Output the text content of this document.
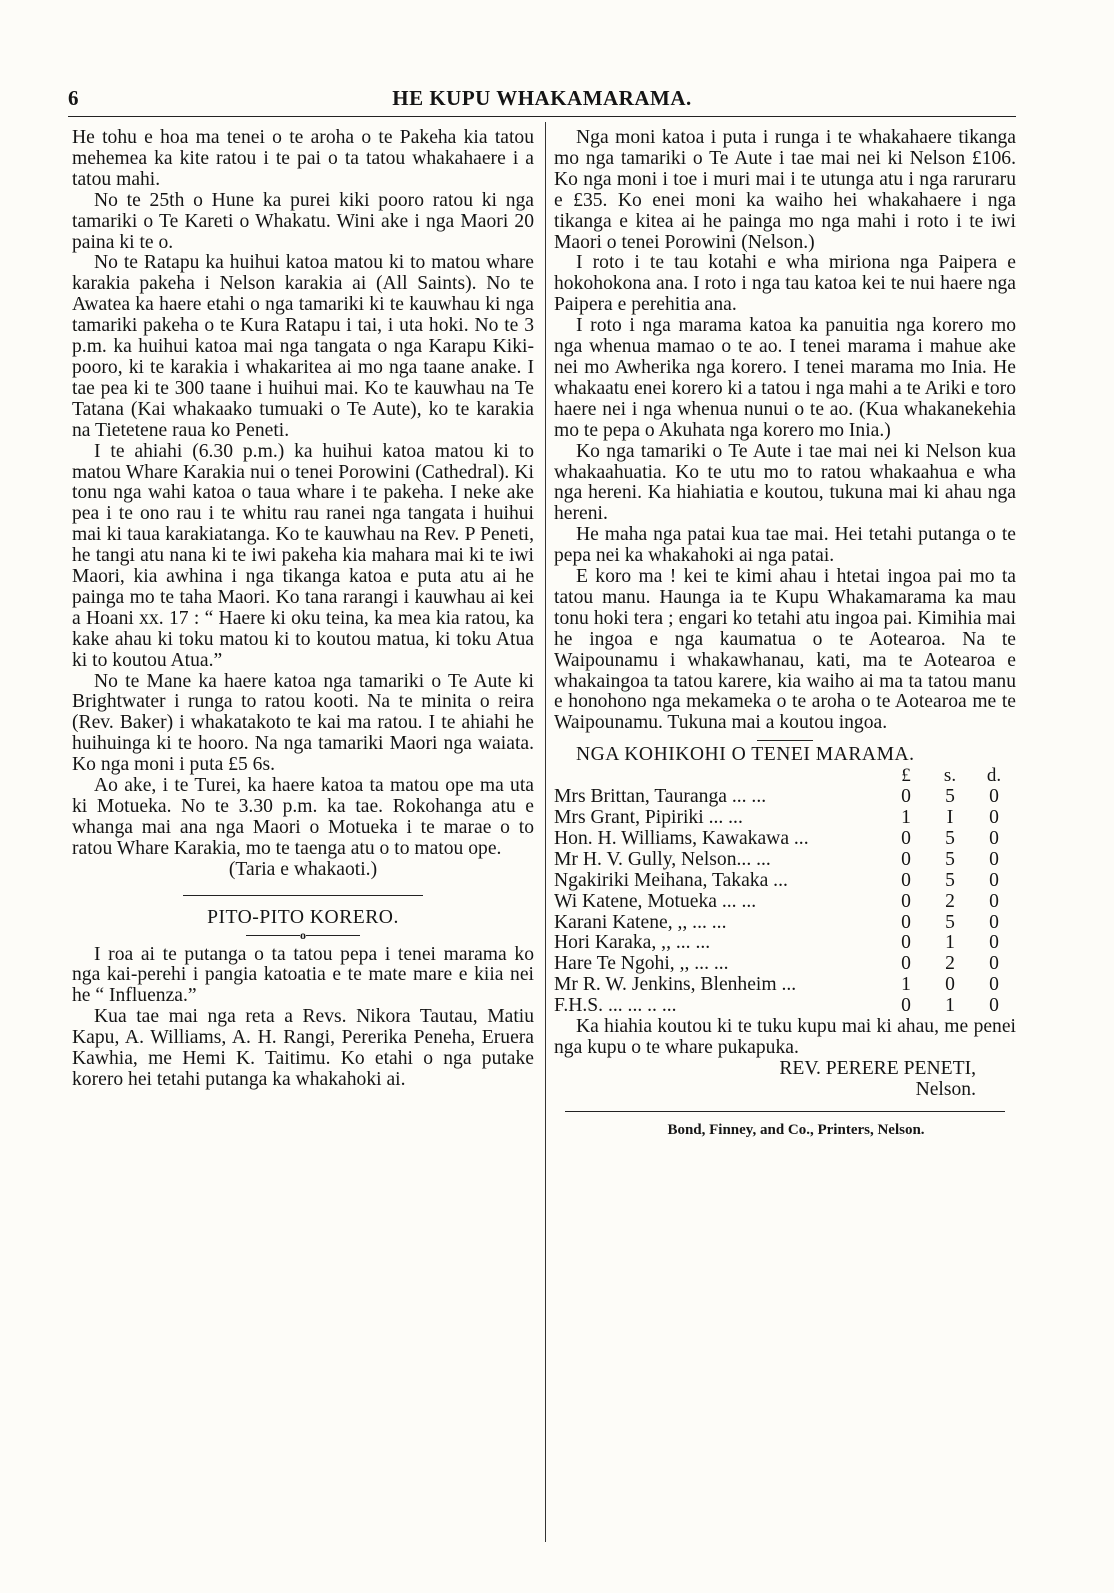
6	HE KUPU WHAKAMARAMA.

He tohu e hoa ma tenei o te aroha o te Pakeha kia tatou mehemea ka kite ratou i te pai o ta tatou whakahaere i a tatou mahi.

No te 25th o Hune ka purei kiki pooro ratou ki nga tamariki o Te Kareti o Whakatu. Wini ake i nga Maori 20 paina ki te o.

No te Ratapu ka huihui katoa matou ki to matou whare karakia pakeha i Nelson karakia ai (All Saints). No te Awatea ka haere etahi o nga tamariki ki te kauwhau ki nga tamariki pakeha o te Kura Ratapu i tai, i uta hoki. No te 3 p.m. ka huihui katoa mai nga tangata o nga Karapu Kiki-pooro, ki te karakia i whakaritea ai mo nga taane anake. I tae pea ki te 300 taane i huihui mai. Ko te kauwhau na Te Tatana (Kai whakaako tumuaki o Te Aute), ko te karakia na Tietetene raua ko Peneti.

I te ahiahi (6.30 p.m.) ka huihui katoa matou ki to matou Whare Karakia nui o tenei Porowini (Cathedral). Ki tonu nga wahi katoa o taua whare i te pakeha. I neke ake pea i te ono rau i te whitu rau ranei nga tangata i huihui mai ki taua karakiatanga. Ko te kauwhau na Rev. P Peneti, he tangi atu nana ki te iwi pakeha kia mahara mai ki te iwi Maori, kia awhina i nga tikanga katoa e puta atu ai he painga mo te taha Maori. Ko tana rarangi i kauwhau ai kei a Hoani xx. 17 : “ Haere ki oku teina, ka mea kia ratou, ka kake ahau ki toku matou ki to koutou matua, ki toku Atua ki to koutou Atua.”

No te Mane ka haere katoa nga tamariki o Te Aute ki Brightwater i runga to ratou kooti. Na te minita o reira (Rev. Baker) i whakatakoto te kai ma ratou. I te ahiahi he huihuinga ki te hooro. Na nga tamariki Maori nga waiata. Ko nga moni i puta £5 6s.

Ao ake, i te Turei, ka haere katoa ta matou ope ma uta ki Motueka. No te 3.30 p.m. ka tae. Rokohanga atu e whanga mai ana nga Maori o Motueka i te marae o to ratou Whare Karakia, mo te taenga atu o to matou ope.

(Taria e whakaoti.)

PITO-PITO KORERO.

o

I roa ai te putanga o ta tatou pepa i tenei marama ko nga kai-perehi i pangia katoatia e te mate mare e kiia nei he “ Influenza.”

Kua tae mai nga reta a Revs. Nikora Tautau, Matiu Kapu, A. Williams, A. H. Rangi, Pererika Peneha, Eruera Kawhia, me Hemi K. Taitimu. Ko etahi o nga putake korero hei tetahi putanga ka whakahoki ai.

Nga moni katoa i puta i runga i te whakahaere tikanga mo nga tamariki o Te Aute i tae mai nei ki Nelson £106. Ko nga moni i toe i muri mai i te utunga atu i nga raruraru e £35. Ko enei moni ka waiho hei whakahaere i nga tikanga e kitea ai he painga mo nga mahi i roto i te iwi Maori o tenei Porowini (Nelson.)

I roto i te tau kotahi e wha miriona nga Paipera e hokohokona ana. I roto i nga tau katoa kei te nui haere nga Paipera e perehitia ana.

I roto i nga marama katoa ka panuitia nga korero mo nga whenua mamao o te ao. I tenei marama i mahue ake nei mo Awherika nga korero. I tenei marama mo Inia. He whakaatu enei korero ki a tatou i nga mahi a te Ariki e toro haere nei i nga whenua nunui o te ao. (Kua whakanekehia mo te pepa o Akuhata nga korero mo Inia.)

Ko nga tamariki o Te Aute i tae mai nei ki Nelson kua whakaahuatia. Ko te utu mo to ratou whakaahua e wha nga hereni. Ka hiahiatia e koutou, tukuna mai ki ahau nga hereni.

He maha nga patai kua tae mai. Hei tetahi putanga o te pepa nei ka whakahoki ai nga patai.

E koro ma ! kei te kimi ahau i htetai ingoa pai mo ta tatou manu. Haunga ia te Kupu Whakamarama ka mau tonu hoki tera ; engari ko tetahi atu ingoa pai. Kimihia mai he ingoa e nga kaumatua o te Aotearoa. Na te Waipounamu i whakawhanau, kati, ma te Aotearoa e whakaingoa ta tatou karere, kia waiho ai ma ta tatou manu e honohono nga mekameka o te aroha o te Aotearoa me te Waipounamu. Tukuna mai a koutou ingoa.

NGA KOHIKOHI O TENEI MARAMA.

	£	s.	d.
Mrs Brittan, Tauranga ... ...	0	5	0
Mrs Grant, Pipiriki ... ...	1	I	0
Hon. H. Williams, Kawakawa ...	0	5	0
Mr H. V. Gully, Nelson... ...	0	5	0
Ngakiriki Meihana, Takaka ...	0	5	0
Wi Katene, Motueka ... ...	0	2	0
Karani Katene, ,, ... ...	0	5	0
Hori Karaka, ,, ... ...	0	1	0
Hare Te Ngohi, ,, ... ...	0	2	0
Mr R. W. Jenkins, Blenheim ...	1	0	0
F.H.S. ... ... .. ...	0	1	0

Ka hiahia koutou ki te tuku kupu mai ki ahau, me penei nga kupu o te whare pukapuka.

REV. PERERE PENETI,

Nelson.

Bond, Finney, and Co., Printers, Nelson.
